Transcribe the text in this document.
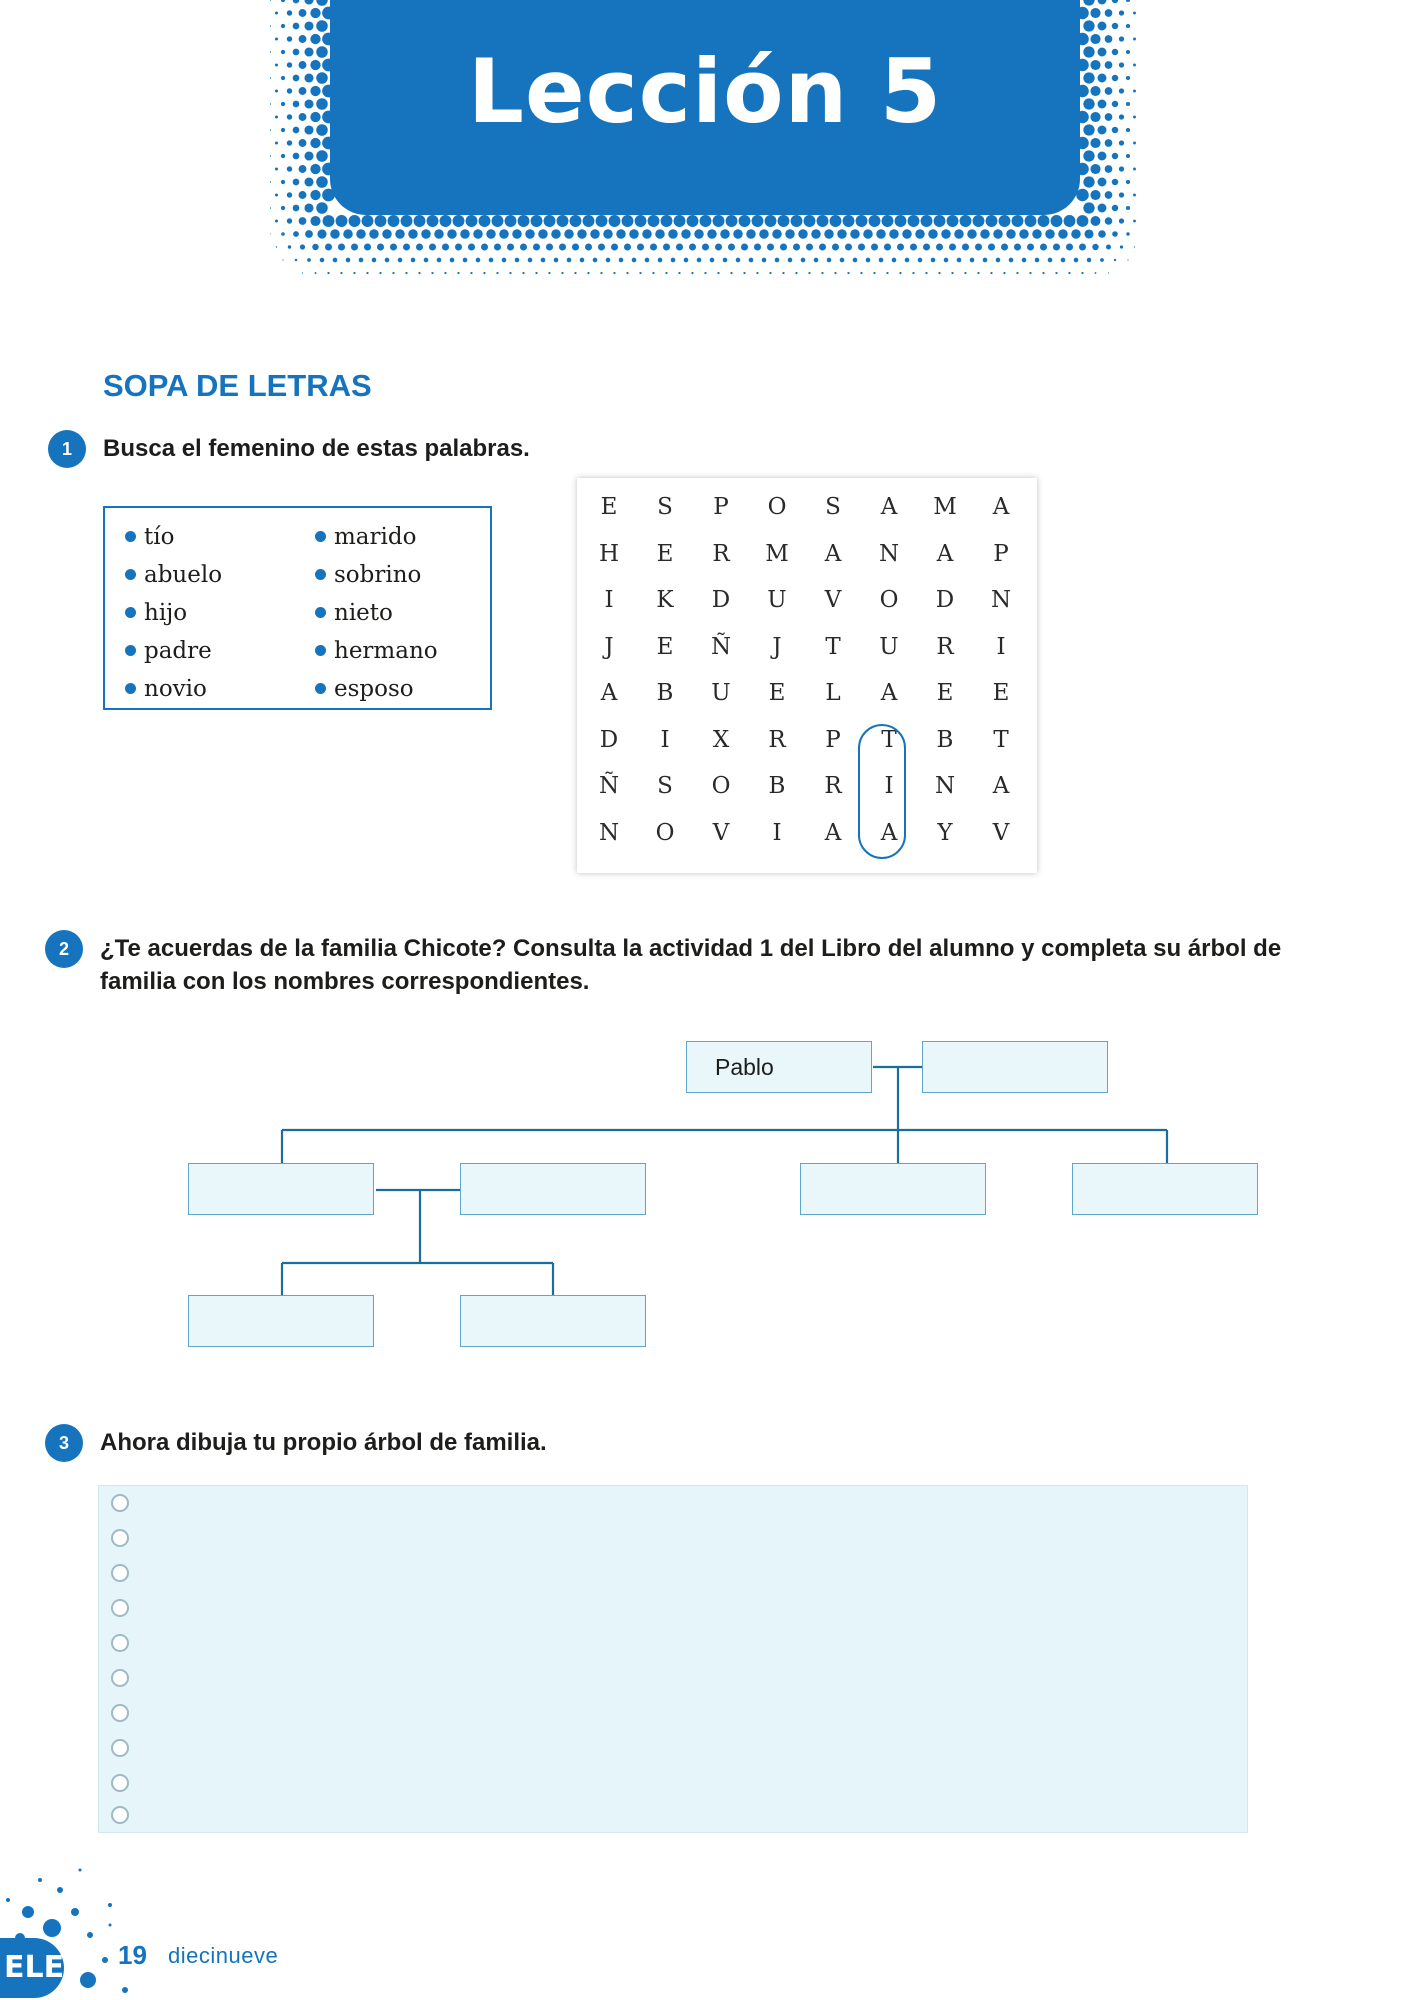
Lección 5
SOPA DE LETRAS
1	Busca el femenino de estas palabras.
tío
abuelo
hijo
padre
novio
marido
sobrino
nieto
hermano
esposo
E	S	P	O	S	A	M	A
H	E	R	M	A	N	A	P
I	K	D	U	V	O	D	N
J	E	Ñ	J	T	U	R	I
A	B	U	E	L	A	E	E
D	I	X	R	P	T	B	T
Ñ	S	O	B	R	I	N	A
N	O	V	I	A	A	Y	V
2	¿Te acuerdas de la familia Chicote? Consulta la actividad 1 del Libro del alumno y completa su árbol de
familia con los nombres correspondientes.
Pablo
3	Ahora dibuja tu propio árbol de familia.
ELE 19 diecinueve
